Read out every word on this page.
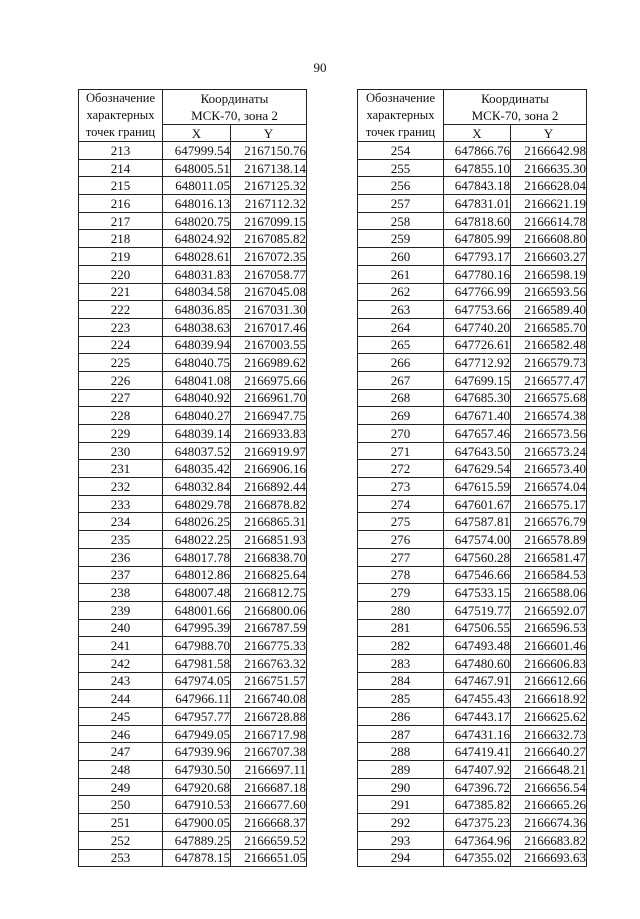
90
Обозначение
характерных
точек границ	Координаты
МСК-70, зона 2	
	X	Y
213	647999.54	2167150.76
214	648005.51	2167138.14
215	648011.05	2167125.32
216	648016.13	2167112.32
217	648020.75	2167099.15
218	648024.92	2167085.82
219	648028.61	2167072.35
220	648031.83	2167058.77
221	648034.58	2167045.08
222	648036.85	2167031.30
223	648038.63	2167017.46
224	648039.94	2167003.55
225	648040.75	2166989.62
226	648041.08	2166975.66
227	648040.92	2166961.70
228	648040.27	2166947.75
229	648039.14	2166933.83
230	648037.52	2166919.97
231	648035.42	2166906.16
232	648032.84	2166892.44
233	648029.78	2166878.82
234	648026.25	2166865.31
235	648022.25	2166851.93
236	648017.78	2166838.70
237	648012.86	2166825.64
238	648007.48	2166812.75
239	648001.66	2166800.06
240	647995.39	2166787.59
241	647988.70	2166775.33
242	647981.58	2166763.32
243	647974.05	2166751.57
244	647966.11	2166740.08
245	647957.77	2166728.88
246	647949.05	2166717.98
247	647939.96	2166707.38
248	647930.50	2166697.11
249	647920.68	2166687.18
250	647910.53	2166677.60
251	647900.05	2166668.37
252	647889.25	2166659.52
253	647878.15	2166651.05
Обозначение
характерных
точек границ	Координаты
МСК-70, зона 2	
	X	Y
254	647866.76	2166642.98
255	647855.10	2166635.30
256	647843.18	2166628.04
257	647831.01	2166621.19
258	647818.60	2166614.78
259	647805.99	2166608.80
260	647793.17	2166603.27
261	647780.16	2166598.19
262	647766.99	2166593.56
263	647753.66	2166589.40
264	647740.20	2166585.70
265	647726.61	2166582.48
266	647712.92	2166579.73
267	647699.15	2166577.47
268	647685.30	2166575.68
269	647671.40	2166574.38
270	647657.46	2166573.56
271	647643.50	2166573.24
272	647629.54	2166573.40
273	647615.59	2166574.04
274	647601.67	2166575.17
275	647587.81	2166576.79
276	647574.00	2166578.89
277	647560.28	2166581.47
278	647546.66	2166584.53
279	647533.15	2166588.06
280	647519.77	2166592.07
281	647506.55	2166596.53
282	647493.48	2166601.46
283	647480.60	2166606.83
284	647467.91	2166612.66
285	647455.43	2166618.92
286	647443.17	2166625.62
287	647431.16	2166632.73
288	647419.41	2166640.27
289	647407.92	2166648.21
290	647396.72	2166656.54
291	647385.82	2166665.26
292	647375.23	2166674.36
293	647364.96	2166683.82
294	647355.02	2166693.63
